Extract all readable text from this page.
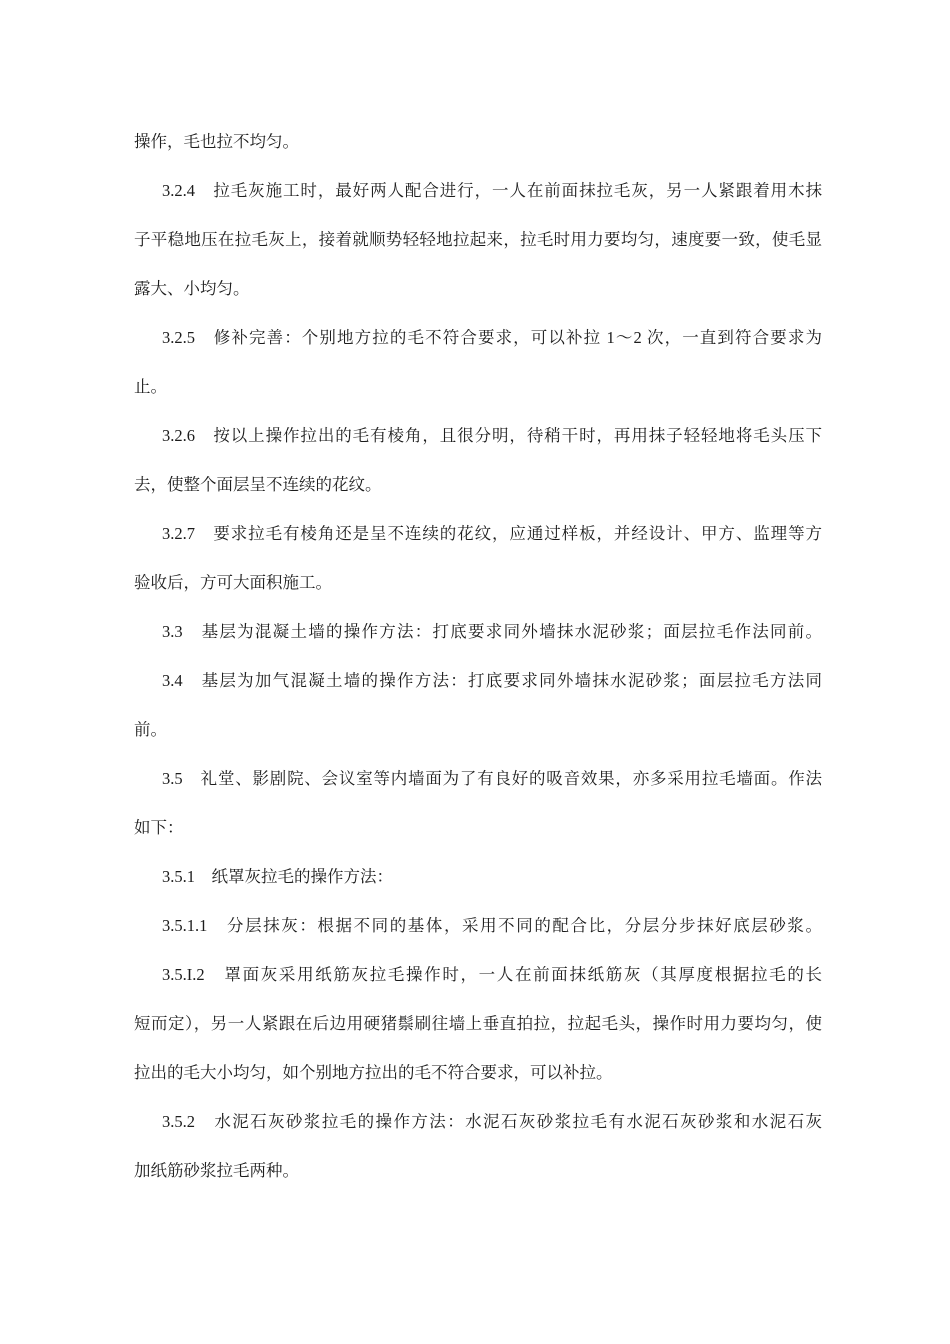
操作，毛也拉不均匀。
3.2.4　拉毛灰施工时，最好两人配合进行，一人在前面抹拉毛灰，另一人紧跟着用木抹
子平稳地压在拉毛灰上，接着就顺势轻轻地拉起来，拉毛时用力要均匀，速度要一致，使毛显
露大、小均匀。
3.2.5　修补完善：个别地方拉的毛不符合要求，可以补拉 1～2 次，一直到符合要求为
止。
3.2.6　按以上操作拉出的毛有棱角，且很分明，待稍干时，再用抹子轻轻地将毛头压下
去，使整个面层呈不连续的花纹。
3.2.7　要求拉毛有棱角还是呈不连续的花纹，应通过样板，并经设计、甲方、监理等方
验收后，方可大面积施工。
3.3　基层为混凝土墙的操作方法：打底要求同外墙抹水泥砂浆；面层拉毛作法同前。
3.4　基层为加气混凝土墙的操作方法：打底要求同外墙抹水泥砂浆；面层拉毛方法同
前。
3.5　礼堂、影剧院、会议室等内墙面为了有良好的吸音效果，亦多采用拉毛墙面。作法
如下：
3.5.1　纸罩灰拉毛的操作方法：
3.5.1.1　分层抹灰：根据不同的基体，采用不同的配合比，分层分步抹好底层砂浆。
3.5.I.2　罩面灰采用纸筋灰拉毛操作时，一人在前面抹纸筋灰（其厚度根据拉毛的长
短而定），另一人紧跟在后边用硬猪鬃刷往墙上垂直拍拉，拉起毛头，操作时用力要均匀，使
拉出的毛大小均匀，如个别地方拉出的毛不符合要求，可以补拉。
3.5.2　水泥石灰砂浆拉毛的操作方法：水泥石灰砂浆拉毛有水泥石灰砂浆和水泥石灰
加纸筋砂浆拉毛两种。
